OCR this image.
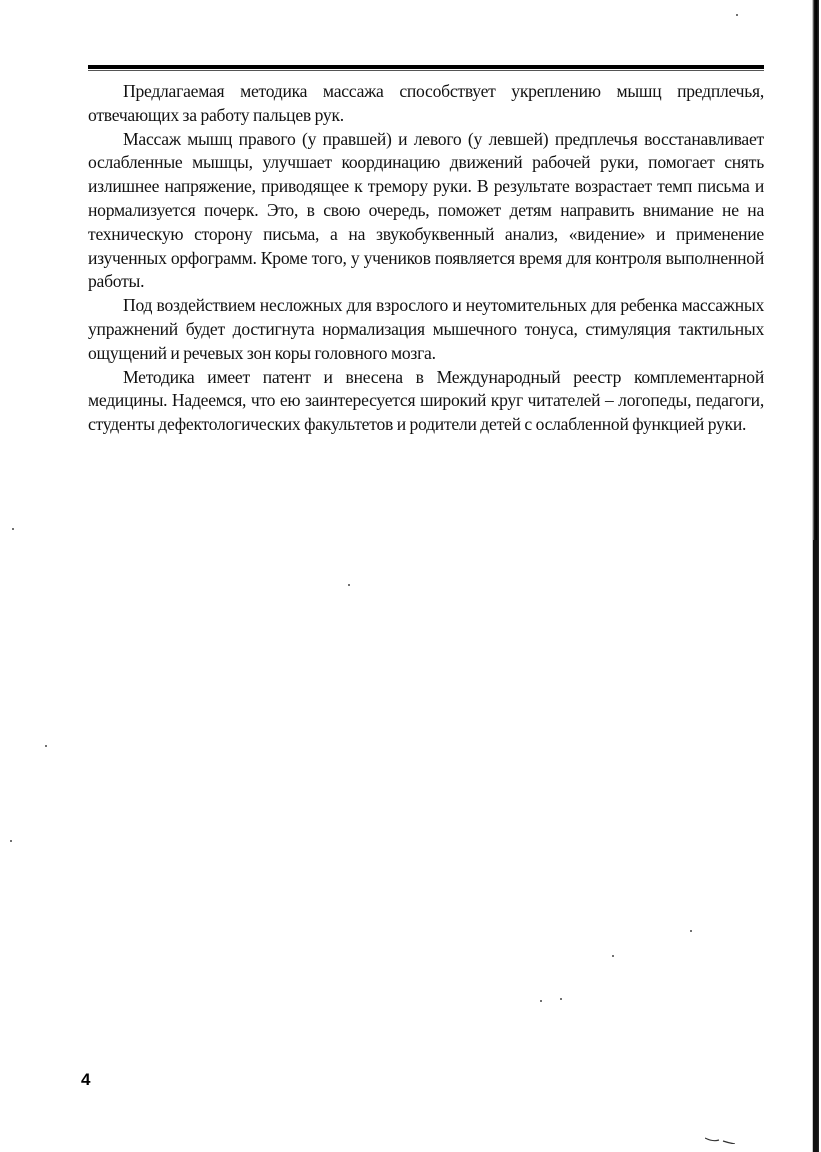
Предлагаемая методика массажа способствует укреплению мышц предплечья, отвечающих за работу пальцев рук.

Массаж мышц правого (у правшей) и левого (у левшей) предплечья восстанавливает ослабленные мышцы, улучшает координацию движений рабочей руки, помогает снять излишнее напряжение, приводящее к тремору руки. В результате возрастает темп письма и нормализуется почерк. Это, в свою очередь, поможет детям направить внимание не на техническую сторону письма, а на звукобуквенный анализ, «видение» и применение изученных орфограмм. Кроме того, у учеников появляется время для контроля выполненной работы.

Под воздействием несложных для взрослого и неутомительных для ребенка массажных упражнений будет достигнута нормализация мышечного тонуса, стимуляция тактильных ощущений и речевых зон коры головного мозга.

Методика имеет патент и внесена в Международный реестр комплементарной медицины. Надеемся, что ею заинтересуется широкий круг читателей – логопеды, педагоги, студенты дефектологических факультетов и родители детей с ослабленной функцией руки.

4
